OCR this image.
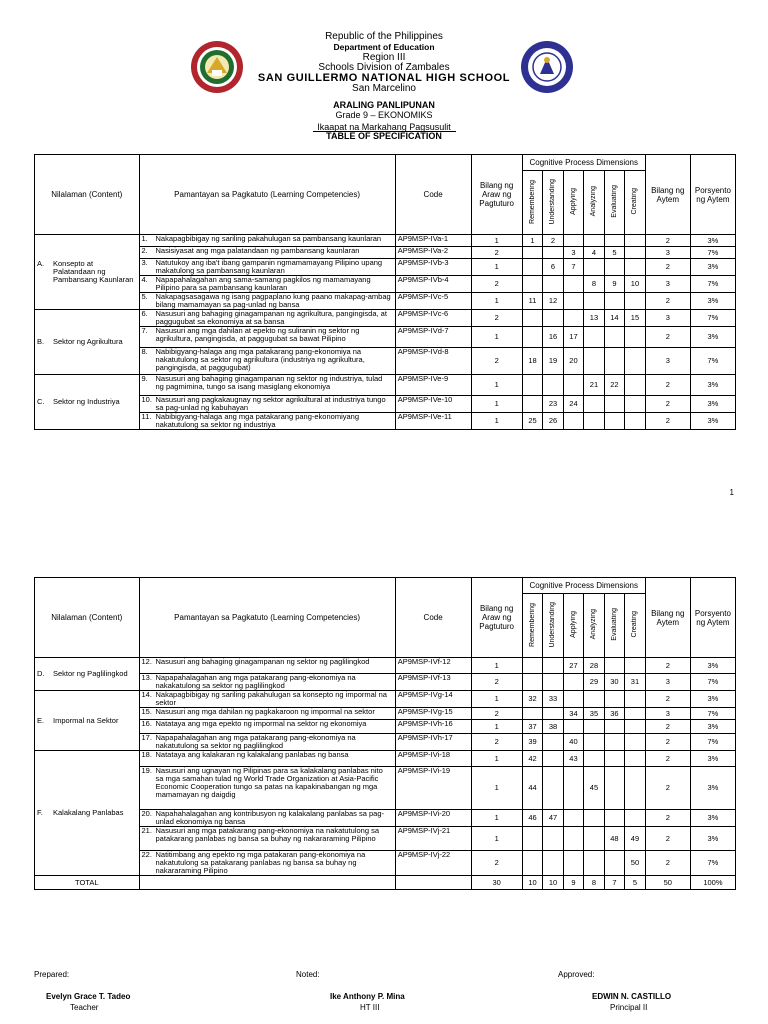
Republic of the Philippines
Department of Education
Region III
Schools Division of Zambales
SAN GUILLERMO NATIONAL HIGH SCHOOL
San Marcelino
ARALING PANLIPUNAN
Grade 9 – EKONOMIKS
Ikaapat na Markahang Pagsusulit
TABLE OF SPECIFICATION
Nilalaman (Content)	Pamantayan sa Pagkatuto (Learning Competencies)	Code	Bilang ng Araw ng Pagtuturo	Cognitive Process Dimensions						Bilang ng Aytem	Porsyento ng Aytem
				Remembering	Understanding	Applying	Analyzing	Evaluating	Creating		

A. Konsepto at Palatandaan ng Pambansang Kaunlaran	1. Nakapagbibigay ng sariling pakahulugan sa pambansang kaunlaran	AP9MSP-IVa-1	1	1	2					2	3%

	2. Nasisiyasat ang mga palatandaan ng pambansang kaunlaran	AP9MSP-IVa-2	2			3	4	5		3	7%

	3. Natutukoy ang iba't ibang gampanin ngmamamayang Pilipino upang makatulong sa pambansang kaunlaran	AP9MSP-IVb-3	1		6	7				2	3%

	4. Napapahalagahan ang sama-samang pagkilos ng mamamayang Pilipino para sa pambansang kaunlaran	AP9MSP-IVb-4	2				8	9	10	3	7%

	5. Nakapagsasagawa ng isang pagpaplano kung paano makapag-ambag bilang mamamayan sa pag-unlad ng bansa	AP9MSP-IVc-5	1	11	12					2	3%

B. Sektor ng Agrikultura	6. Nasusuri ang bahaging ginagampanan ng agrikultura, pangingisda, at paggugubat sa ekonomiya at sa bansa	AP9MSP-IVc-6	2				13	14	15	3	7%

	7. Nasusuri ang mga dahilan at epekto ng suliranin ng sektor ng agrikultura, pangingisda, at paggugubat sa bawat Pilipino	AP9MSP-IVd-7	1		16	17				2	3%

	8. Nabibigyang-halaga ang mga patakarang pang-ekonomiya na nakatutulong sa sektor ng agrikultura (industriya ng agrikultura, pangingisda, at paggugubat)	AP9MSP-IVd-8	2	18	19	20				3	7%

C. Sektor ng Industriya	9. Nasusuri ang bahaging ginagampanan ng sektor ng industriya, tulad ng pagmimina, tungo sa isang masiglang ekonomiya	AP9MSP-IVe-9	1				21	22		2	3%

	10. Nasusuri ang pagkakaugnay ng sektor agrikultural at industriya tungo sa pag-unlad ng kabuhayan	AP9MSP-IVe-10	1		23	24				2	3%

	11. Nabibigyang-halaga ang mga patakarang pang-ekonomiyang nakatutulong sa sektor ng industriya	AP9MSP-IVe-11	1	25	26					2	3%
1
Nilalaman (Content)	Pamantayan sa Pagkatuto (Learning Competencies)	Code	Bilang ng Araw ng Pagtuturo	Cognitive Process Dimensions						Bilang ng Aytem	Porsyento ng Aytem
				Remembering	Understanding	Applying	Analyzing	Evaluating	Creating		

D. Sektor ng Paglilingkod	12. Nasusuri ang bahaging ginagampanan ng sektor ng paglilingkod	AP9MSP-IVf-12	1			27	28			2	3%

	13. Napapahalagahan ang mga patakarang pang-ekonomiya na nakakatulong sa sektor ng paglilingkod	AP9MSP-IVf-13	2				29	30	31	3	7%

E. Impormal na Sektor	14. Nakapagbibigay ng sariling pakahulugan sa konsepto ng impormal na sektor	AP9MSP-IVg-14	1	32	33					2	3%

	15. Nasusuri ang mga dahilan ng pagkakaroon ng impormal na sektor	AP9MSP-IVg-15	2			34	35	36		3	7%

	16. Natataya ang mga epekto ng impormal na sektor ng ekonomiya	AP9MSP-IVh-16	1	37	38					2	3%

	17. Napapahalagahan ang mga patakarang pang-ekonomiya na nakatutulong sa sektor ng paglilingkod	AP9MSP-IVh-17	2	39		40				2	7%

F. Kalakalang Panlabas	18. Natataya ang kalakaran ng kalakalang panlabas ng bansa	AP9MSP-IVi-18	1	42		43				2	3%

	19. Nasusuri ang ugnayan ng Pilipinas para sa kalakalang panlabas nito sa mga samahan tulad ng World Trade Organization at Asia-Pacific Economic Cooperation tungo sa patas na kapakinabangan ng mga mamamayan ng daigdig	AP9MSP-IVi-19	1	44			45			2	3%

	20. Napahahalagahan ang kontribusyon ng kalakalang panlabas sa pag-unlad ekonomiya ng bansa	AP9MSP-IVi-20	1	46	47					2	3%

	21. Nasusuri ang mga patakarang pang-ekonomiya na nakatutulong sa patakarang panlabas ng bansa sa buhay ng nakararaming Pilipino	AP9MSP-IVj-21	1					48	49	2	3%

	22. Natitimbang ang epekto ng mga patakaran pang-ekonomiya na nakatutulong sa patakarang panlabas ng bansa sa buhay ng nakararaming Pilipino	AP9MSP-IVj-22	2						50	2	7%
TOTAL			30	10	10	9	8	7	5	50	100%
Prepared:
Evelyn Grace T. Tadeo
Teacher
Noted:
Ike Anthony P. Mina
HT III
Approved:
EDWIN N. CASTILLO
Principal II
